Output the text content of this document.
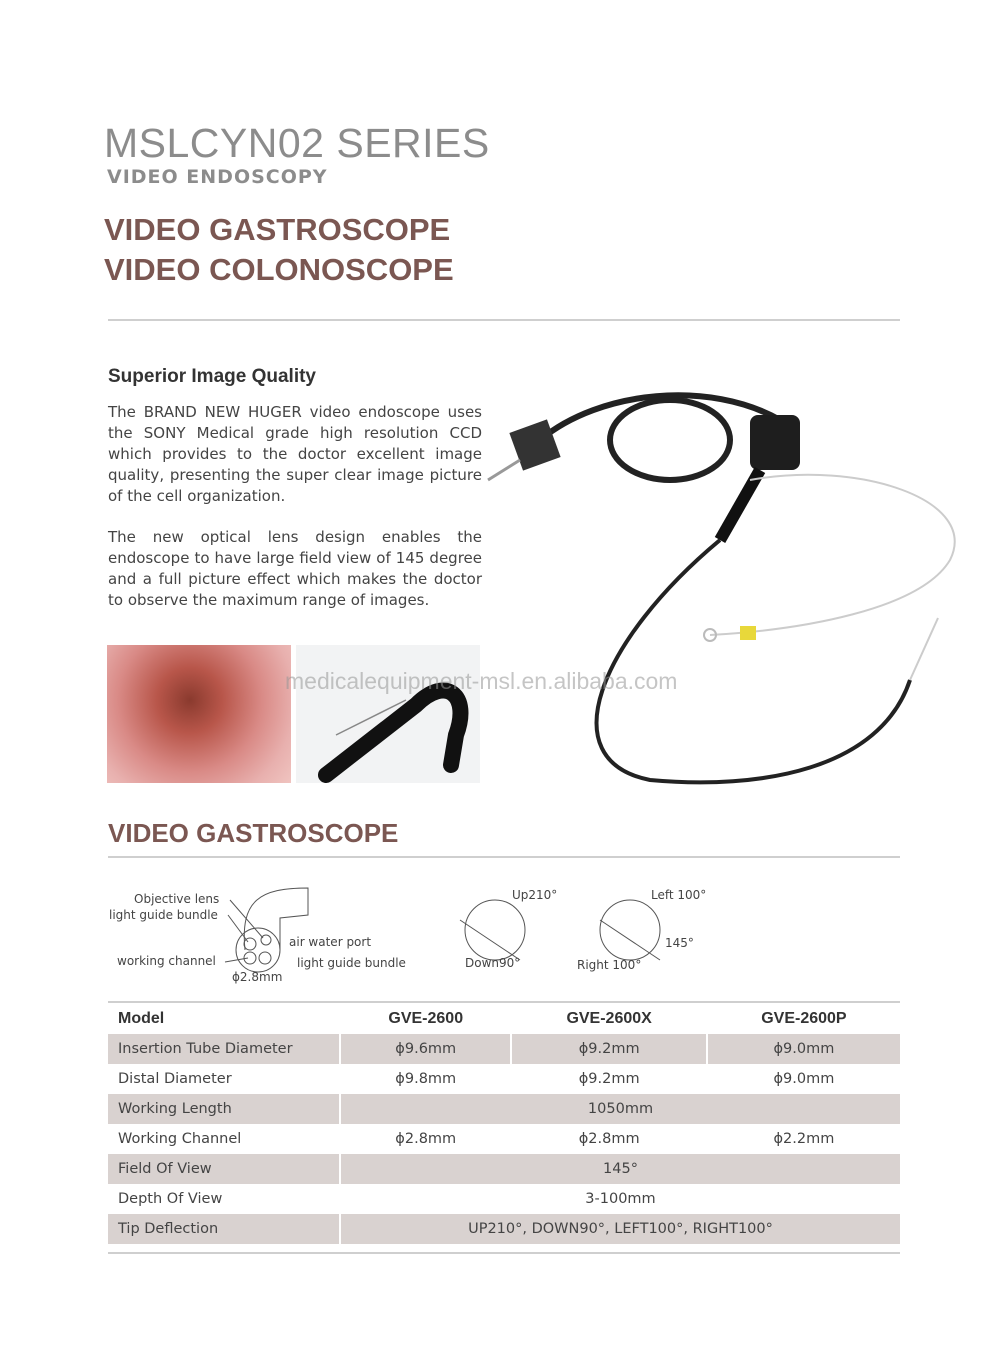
MSLCYN02 SERIES
VIDEO ENDOSCOPY
VIDEO GASTROSCOPE
VIDEO COLONOSCOPE
Superior Image Quality
The BRAND NEW HUGER video endoscope uses the SONY Medical grade high resolution CCD which provides to the doctor excellent image quality, presenting the super clear image picture of the cell organization.
The new optical lens design enables the endoscope to have large field view of 145 degree and a full picture effect which makes the doctor to observe the maximum range of images.
medicalequipment-msl.en.alibaba.com
VIDEO GASTROSCOPE
Objective lens
light guide bundle
working channel
air water port
light guide bundle
ϕ2.8mm
Up210°
Down90°
Left 100°
Right 100°
145°
Model	GVE-2600	GVE-2600X	GVE-2600P
Insertion Tube Diameter	ϕ9.6mm	ϕ9.2mm	ϕ9.0mm
Distal Diameter	ϕ9.8mm	ϕ9.2mm	ϕ9.0mm
Working Length	1050mm		
Working Channel	ϕ2.8mm	ϕ2.8mm	ϕ2.2mm
Field Of View	145°		
Depth Of View	3-100mm		
Tip Deflection	UP210°, DOWN90°, LEFT100°, RIGHT100°		
